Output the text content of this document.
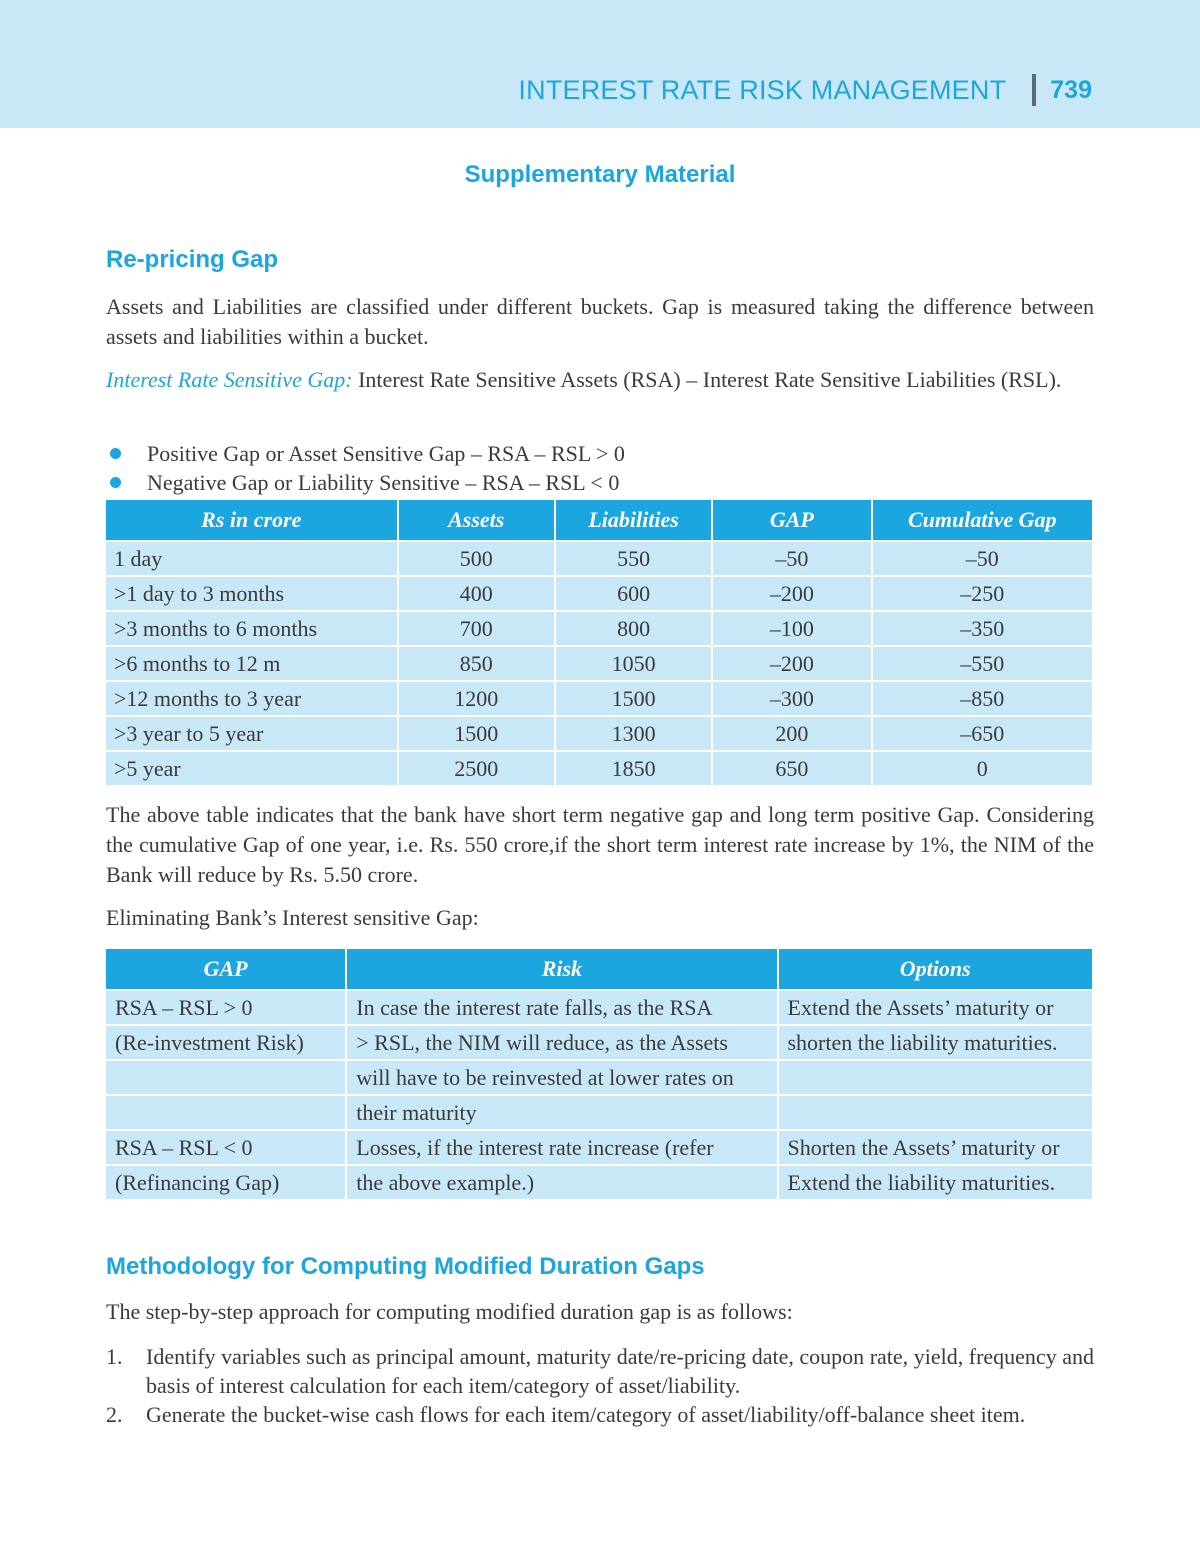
INTEREST RATE RISK MANAGEMENT 739
Supplementary Material
Re-pricing Gap

Assets and Liabilities are classified under different buckets. Gap is measured taking the difference between assets and liabilities within a bucket.

Interest Rate Sensitive Gap: Interest Rate Sensitive Assets (RSA) – Interest Rate Sensitive Liabilities (RSL).

Positive Gap or Asset Sensitive Gap – RSA – RSL > 0
Negative Gap or Liability Sensitive – RSA – RSL < 0
Rs in crore	Assets	Liabilities	GAP	Cumulative Gap
1 day	500	550	–50	–50
>1 day to 3 months	400	600	–200	–250
>3 months to 6 months	700	800	–100	–350
>6 months to 12 m	850	1050	–200	–550
>12 months to 3 year	1200	1500	–300	–850
>3 year to 5 year	1500	1300	200	–650
>5 year	2500	1850	650	0

The above table indicates that the bank have short term negative gap and long term positive Gap. Considering the cumulative Gap of one year, i.e. Rs. 550 crore,if the short term interest rate increase by 1%, the NIM of the Bank will reduce by Rs. 5.50 crore.

Eliminating Bank’s Interest sensitive Gap:

GAP	Risk	Options
RSA – RSL > 0	In case the interest rate falls, as the RSA	Extend the Assets’ maturity or
(Re-investment Risk)	> RSL, the NIM will reduce, as the Assets	shorten the liability maturities.
	will have to be reinvested at lower rates on	
	their maturity	
RSA – RSL < 0	Losses, if the interest rate increase (refer	Shorten the Assets’ maturity or
(Refinancing Gap)	the above example.)	Extend the liability maturities.
Methodology for Computing Modified Duration Gaps

The step-by-step approach for computing modified duration gap is as follows:

1.	Identify variables such as principal amount, maturity date/re-pricing date, coupon rate, yield, frequency and basis of interest calculation for each item/category of asset/liability.
2.	Generate the bucket-wise cash flows for each item/category of asset/liability/off-balance sheet item.
